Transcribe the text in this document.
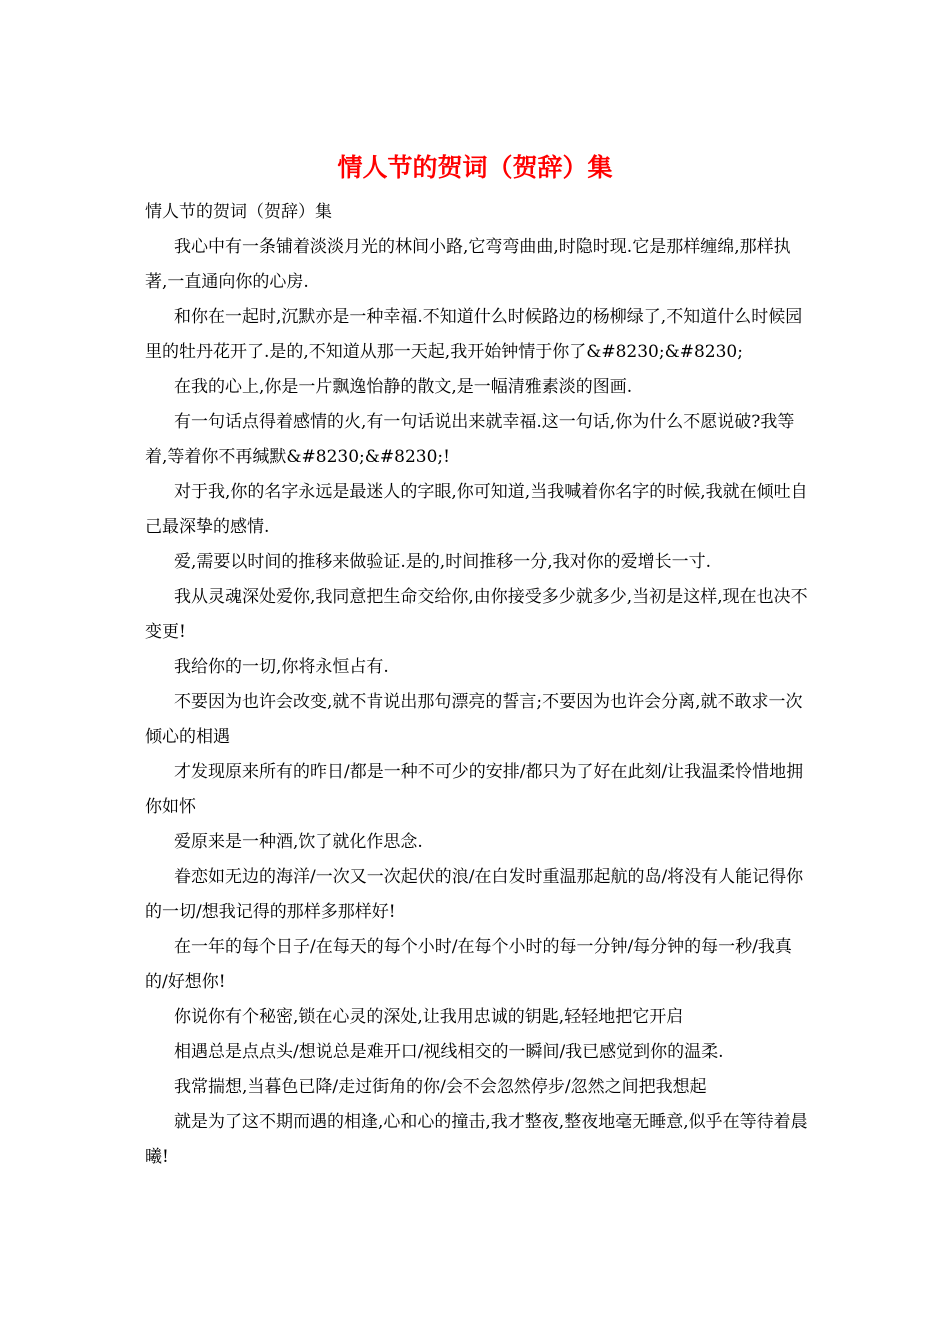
情人节的贺词（贺辞）集

情人节的贺词（贺辞）集

我心中有一条铺着淡淡月光的林间小路,它弯弯曲曲,时隐时现.它是那样缠绵,那样执著,一直通向你的心房.

和你在一起时,沉默亦是一种幸福.不知道什么时候路边的杨柳绿了,不知道什么时候园里的牡丹花开了.是的,不知道从那一天起,我开始钟情于你了&#8230;&#8230;

在我的心上,你是一片飘逸怡静的散文,是一幅清雅素淡的图画.

有一句话点得着感情的火,有一句话说出来就幸福.这一句话,你为什么不愿说破?我等着,等着你不再缄默&#8230;&#8230;!

对于我,你的名字永远是最迷人的字眼,你可知道,当我喊着你名字的时候,我就在倾吐自己最深挚的感情.

爱,需要以时间的推移来做验证.是的,时间推移一分,我对你的爱增长一寸.

我从灵魂深处爱你,我同意把生命交给你,由你接受多少就多少,当初是这样,现在也决不变更!

我给你的一切,你将永恒占有.

不要因为也许会改变,就不肯说出那句漂亮的誓言;不要因为也许会分离,就不敢求一次倾心的相遇

才发现原来所有的昨日/都是一种不可少的安排/都只为了好在此刻/让我温柔怜惜地拥你如怀

爱原来是一种酒,饮了就化作思念.

眷恋如无边的海洋/一次又一次起伏的浪/在白发时重温那起航的岛/将没有人能记得你的一切/想我记得的那样多那样好!

在一年的每个日子/在每天的每个小时/在每个小时的每一分钟/每分钟的每一秒/我真的/好想你!

你说你有个秘密,锁在心灵的深处,让我用忠诚的钥匙,轻轻地把它开启

相遇总是点点头/想说总是难开口/视线相交的一瞬间/我已感觉到你的温柔.

我常揣想,当暮色已降/走过街角的你/会不会忽然停步/忽然之间把我想起

就是为了这不期而遇的相逢,心和心的撞击,我才整夜,整夜地毫无睡意,似乎在等待着晨曦!
